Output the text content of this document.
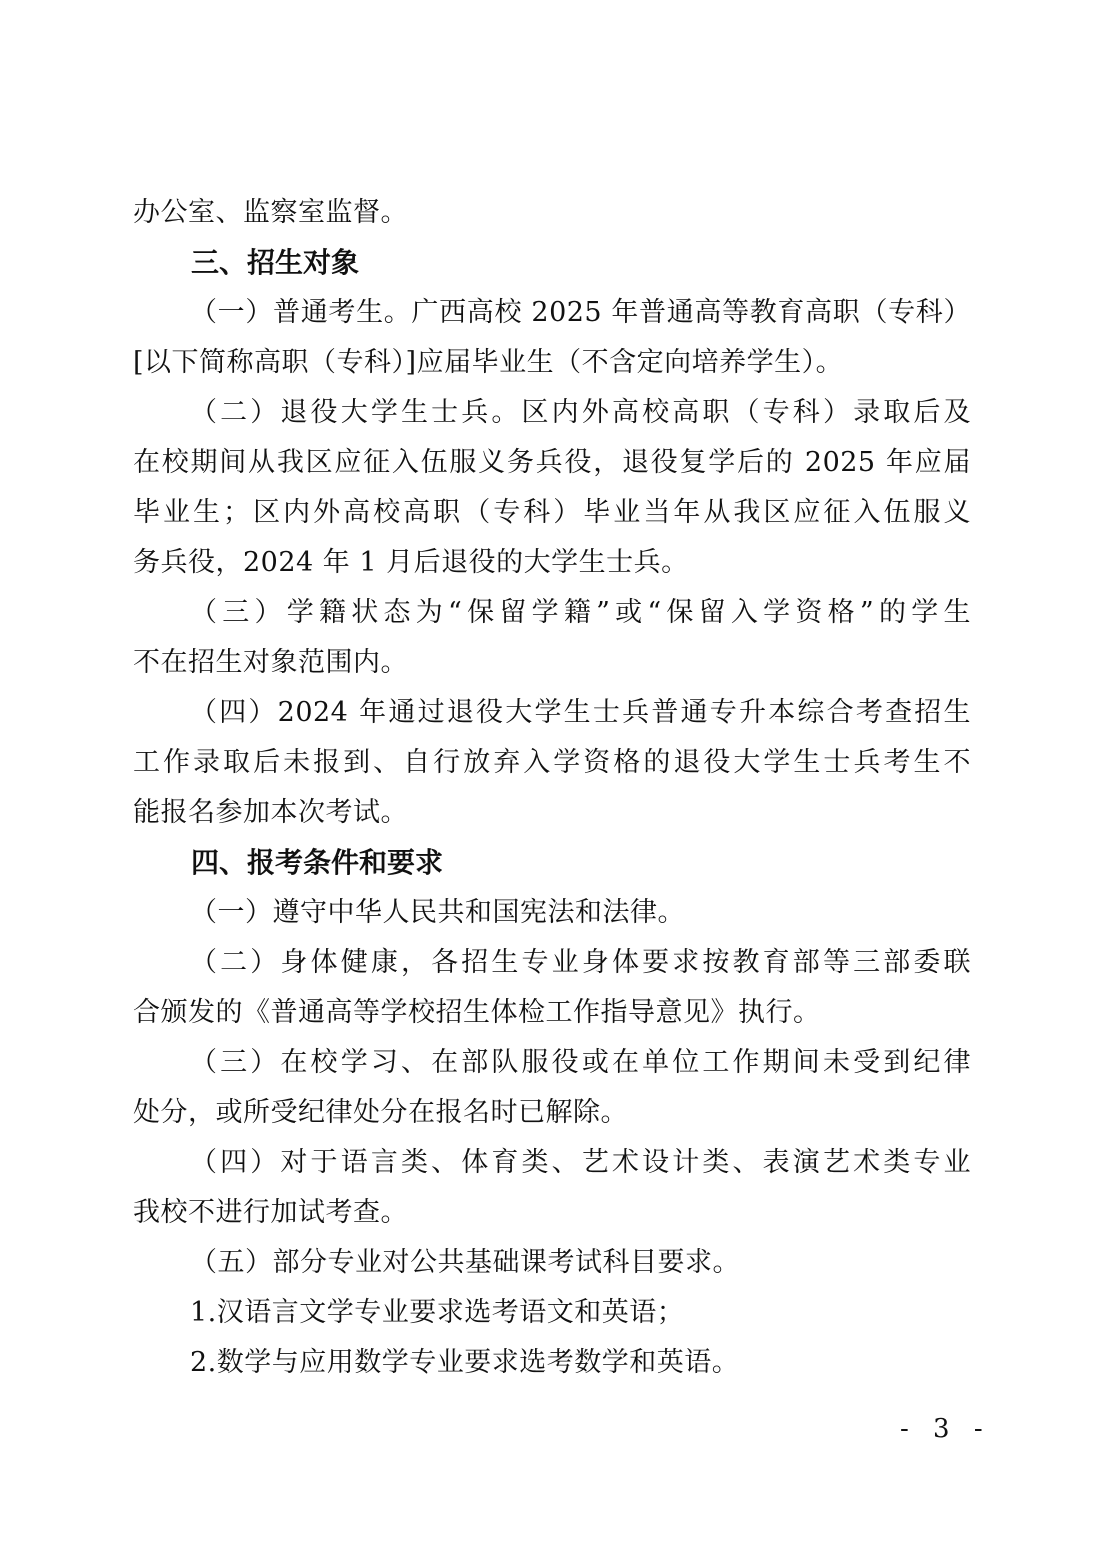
办公室、监察室监督。
三、招生对象
（一）普通考生。广西高校 2025 年普通高等教育高职（专科）
[以下简称高职（专科）]应届毕业生（不含定向培养学生）。
（二）退役大学生士兵。区内外高校高职（专科）录取后及
在校期间从我区应征入伍服义务兵役，退役复学后的 2025 年应届
毕业生；区内外高校高职（专科）毕业当年从我区应征入伍服义
务兵役，2024 年 1 月后退役的大学生士兵。
（三）学籍状态为“保留学籍”或“保留入学资格”的学生
不在招生对象范围内。
（四）2024 年通过退役大学生士兵普通专升本综合考查招生
工作录取后未报到、自行放弃入学资格的退役大学生士兵考生不
能报名参加本次考试。
四、报考条件和要求
（一）遵守中华人民共和国宪法和法律。
（二）身体健康，各招生专业身体要求按教育部等三部委联
合颁发的《普通高等学校招生体检工作指导意见》执行。
（三）在校学习、在部队服役或在单位工作期间未受到纪律
处分，或所受纪律处分在报名时已解除。
（四）对于语言类、体育类、艺术设计类、表演艺术类专业
我校不进行加试考查。
（五）部分专业对公共基础课考试科目要求。
1.汉语言文学专业要求选考语文和英语；
2.数学与应用数学专业要求选考数学和英语。
- 3 -
